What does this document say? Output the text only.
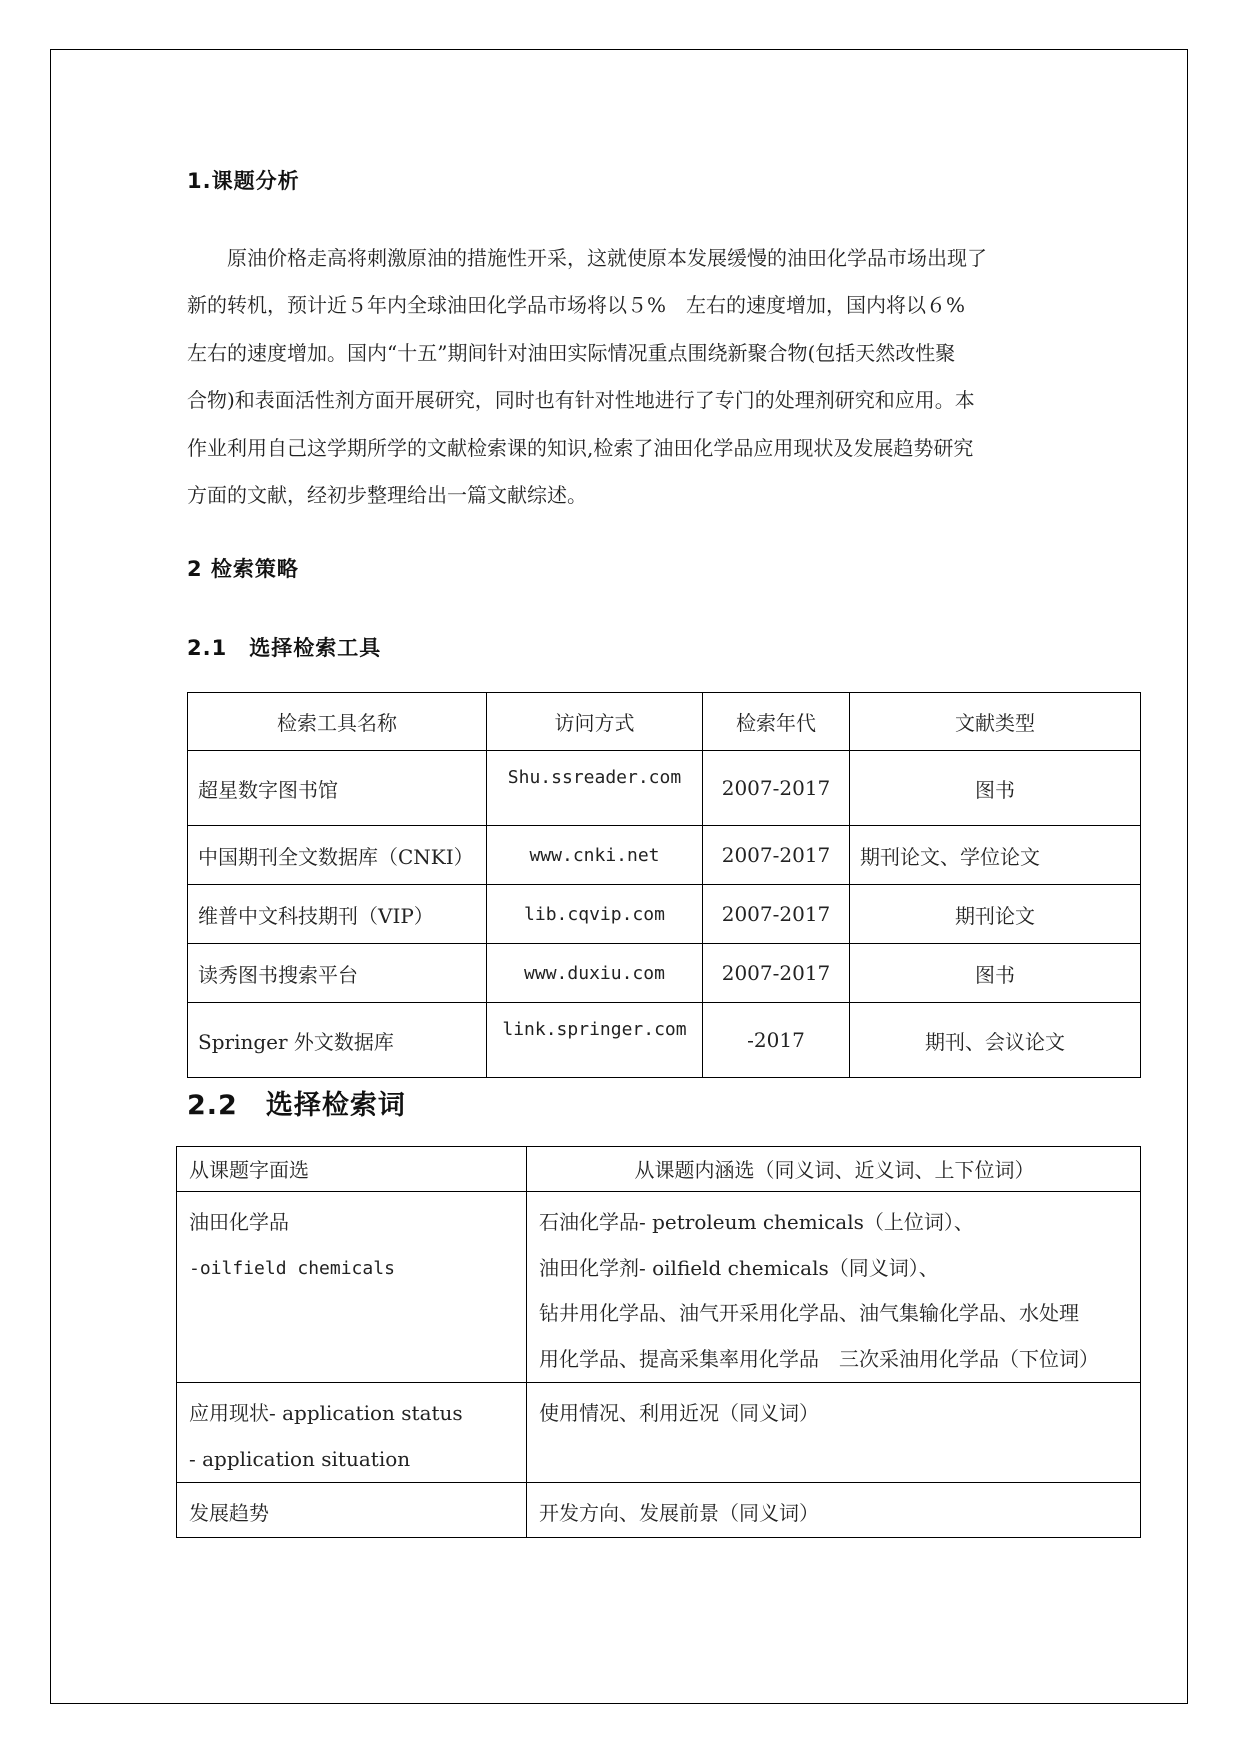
1.课题分析

原油价格走高将刺激原油的措施性开采，这就使原本发展缓慢的油田化学品市场出现了

新的转机，预计近５年内全球油田化学品市场将以５%　左右的速度增加，国内将以６%

左右的速度增加。国内“十五”期间针对油田实际情况重点围绕新聚合物(包括天然改性聚

合物)和表面活性剂方面开展研究，同时也有针对性地进行了专门的处理剂研究和应用。本

作业利用自己这学期所学的文献检索课的知识,检索了油田化学品应用现状及发展趋势研究

方面的文献，经初步整理给出一篇文献综述。

2 检索策略
2.1　选择检索工具
检索工具名称	访问方式	检索年代	文献类型
超星数字图书馆	Shu.ssreader.com	2007-2017	图书
中国期刊全文数据库（CNKI）	www.cnki.net	2007-2017	期刊论文、学位论文
维普中文科技期刊（VIP）	lib.cqvip.com	2007-2017	期刊论文
读秀图书搜索平台	www.duxiu.com	2007-2017	图书
Springer 外文数据库	link.springer.com	-2017	期刊、会议论文
2.2　选择检索词
从课题字面选	从课题内涵选（同义词、近义词、上下位词）

油田化学品
-oilfield chemicals	石油化学品- petroleum chemicals（上位词）、
油田化学剂- oilfield chemicals（同义词）、
钻井用化学品、油气开采用化学品、油气集输化学品、水处理
用化学品、提高采集率用化学品　三次采油用化学品（下位词）

应用现状- application status
- application situation	使用情况、利用近况（同义词）

发展趋势	开发方向、发展前景（同义词）
